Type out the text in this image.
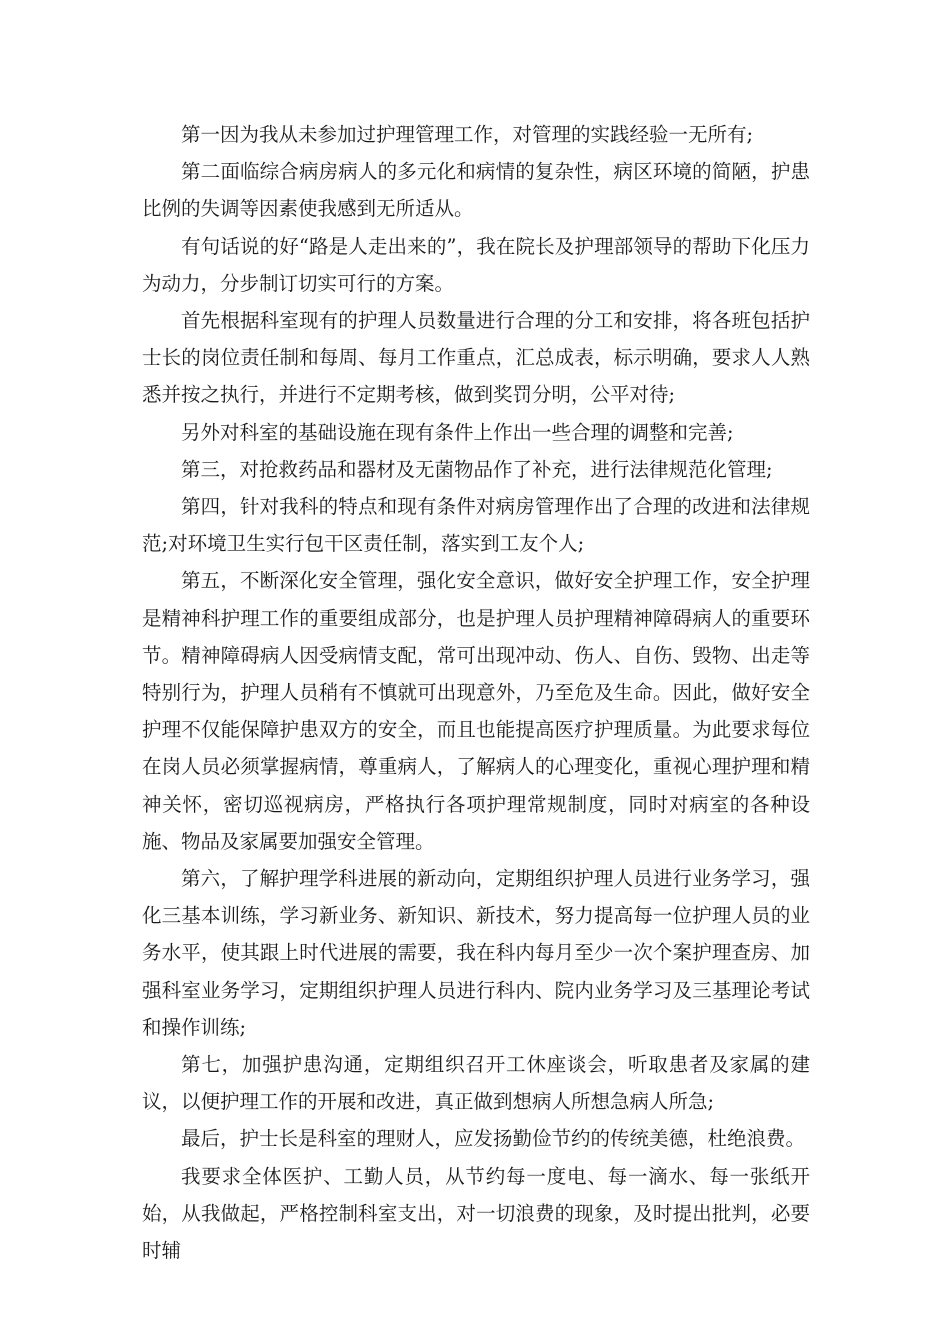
第一因为我从未参加过护理管理工作，对管理的实践经验一无所有;

第二面临综合病房病人的多元化和病情的复杂性，病区环境的简陋，护患比例的失调等因素使我感到无所适从。

有句话说的好“路是人走出来的”，我在院长及护理部领导的帮助下化压力为动力，分步制订切实可行的方案。

首先根据科室现有的护理人员数量进行合理的分工和安排，将各班包括护士长的岗位责任制和每周、每月工作重点，汇总成表，标示明确，要求人人熟悉并按之执行，并进行不定期考核，做到奖罚分明，公平对待;

另外对科室的基础设施在现有条件上作出一些合理的调整和完善;

第三，对抢救药品和器材及无菌物品作了补充，进行法律规范化管理;

第四，针对我科的特点和现有条件对病房管理作出了合理的改进和法律规范;对环境卫生实行包干区责任制，落实到工友个人;

第五，不断深化安全管理，强化安全意识，做好安全护理工作，安全护理是精神科护理工作的重要组成部分，也是护理人员护理精神障碍病人的重要环节。精神障碍病人因受病情支配，常可出现冲动、伤人、自伤、毁物、出走等特别行为，护理人员稍有不慎就可出现意外，乃至危及生命。因此，做好安全护理不仅能保障护患双方的安全，而且也能提高医疗护理质量。为此要求每位在岗人员必须掌握病情，尊重病人，了解病人的心理变化，重视心理护理和精神关怀，密切巡视病房，严格执行各项护理常规制度，同时对病室的各种设施、物品及家属要加强安全管理。

第六，了解护理学科进展的新动向，定期组织护理人员进行业务学习，强化三基本训练，学习新业务、新知识、新技术，努力提高每一位护理人员的业务水平，使其跟上时代进展的需要，我在科内每月至少一次个案护理查房、加强科室业务学习，定期组织护理人员进行科内、院内业务学习及三基理论考试和操作训练;

第七，加强护患沟通，定期组织召开工休座谈会，听取患者及家属的建议，以便护理工作的开展和改进，真正做到想病人所想急病人所急;

最后，护士长是科室的理财人，应发扬勤俭节约的传统美德，杜绝浪费。

我要求全体医护、工勤人员，从节约每一度电、每一滴水、每一张纸开始，从我做起，严格控制科室支出，对一切浪费的现象，及时提出批判，必要时辅
